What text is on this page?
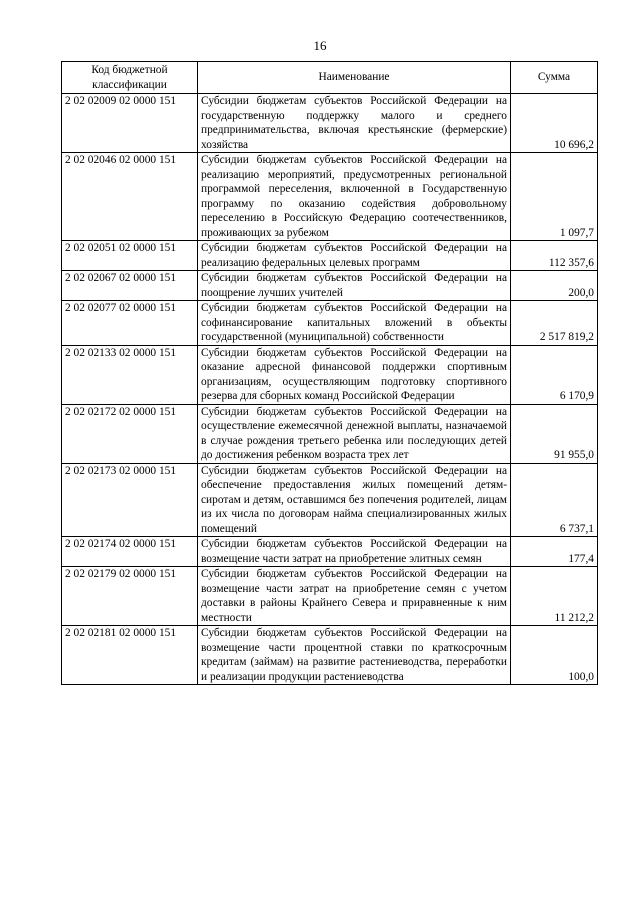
16
Код бюджетной классификации	Наименование	Сумма
2 02 02009 02 0000 151	Субсидии бюджетам субъектов Российской Федерации на государственную поддержку малого и среднего предпринимательства, включая крестьянские (фермерские) хозяйства	10 696,2
2 02 02046 02 0000 151	Субсидии бюджетам субъектов Российской Федерации на реализацию мероприятий, предусмотренных региональной программой переселения, включенной в Государственную программу по оказанию содействия добровольному переселению в Российскую Федерацию соотечественников, проживающих за рубежом	1 097,7
2 02 02051 02 0000 151	Субсидии бюджетам субъектов Российской Федерации на реализацию федеральных целевых программ	112 357,6
2 02 02067 02 0000 151	Субсидии бюджетам субъектов Российской Федерации на поощрение лучших учителей	200,0
2 02 02077 02 0000 151	Субсидии бюджетам субъектов Российской Федерации на софинансирование капитальных вложений в объекты государственной (муниципальной) собственности	2 517 819,2
2 02 02133 02 0000 151	Субсидии бюджетам субъектов Российской Федерации на оказание адресной финансовой поддержки спортивным организациям, осуществляющим подготовку спортивного резерва для сборных команд Российской Федерации	6 170,9
2 02 02172 02 0000 151	Субсидии бюджетам субъектов Российской Федерации на осуществление ежемесячной денежной выплаты, назначаемой в случае рождения третьего ребенка или последующих детей до достижения ребенком возраста трех лет	91 955,0
2 02 02173 02 0000 151	Субсидии бюджетам субъектов Российской Федерации на обеспечение предоставления жилых помещений детям-сиротам и детям, оставшимся без попечения родителей, лицам из их числа по договорам найма специализированных жилых помещений	6 737,1
2 02 02174 02 0000 151	Субсидии бюджетам субъектов Российской Федерации на возмещение части затрат на приобретение элитных семян	177,4
2 02 02179 02 0000 151	Субсидии бюджетам субъектов Российской Федерации на возмещение части затрат на приобретение семян с учетом доставки в районы Крайнего Севера и приравненные к ним местности	11 212,2
2 02 02181 02 0000 151	Субсидии бюджетам субъектов Российской Федерации на возмещение части процентной ставки по краткосрочным кредитам (займам) на развитие растениеводства, переработки и реализации продукции растениеводства	100,0
